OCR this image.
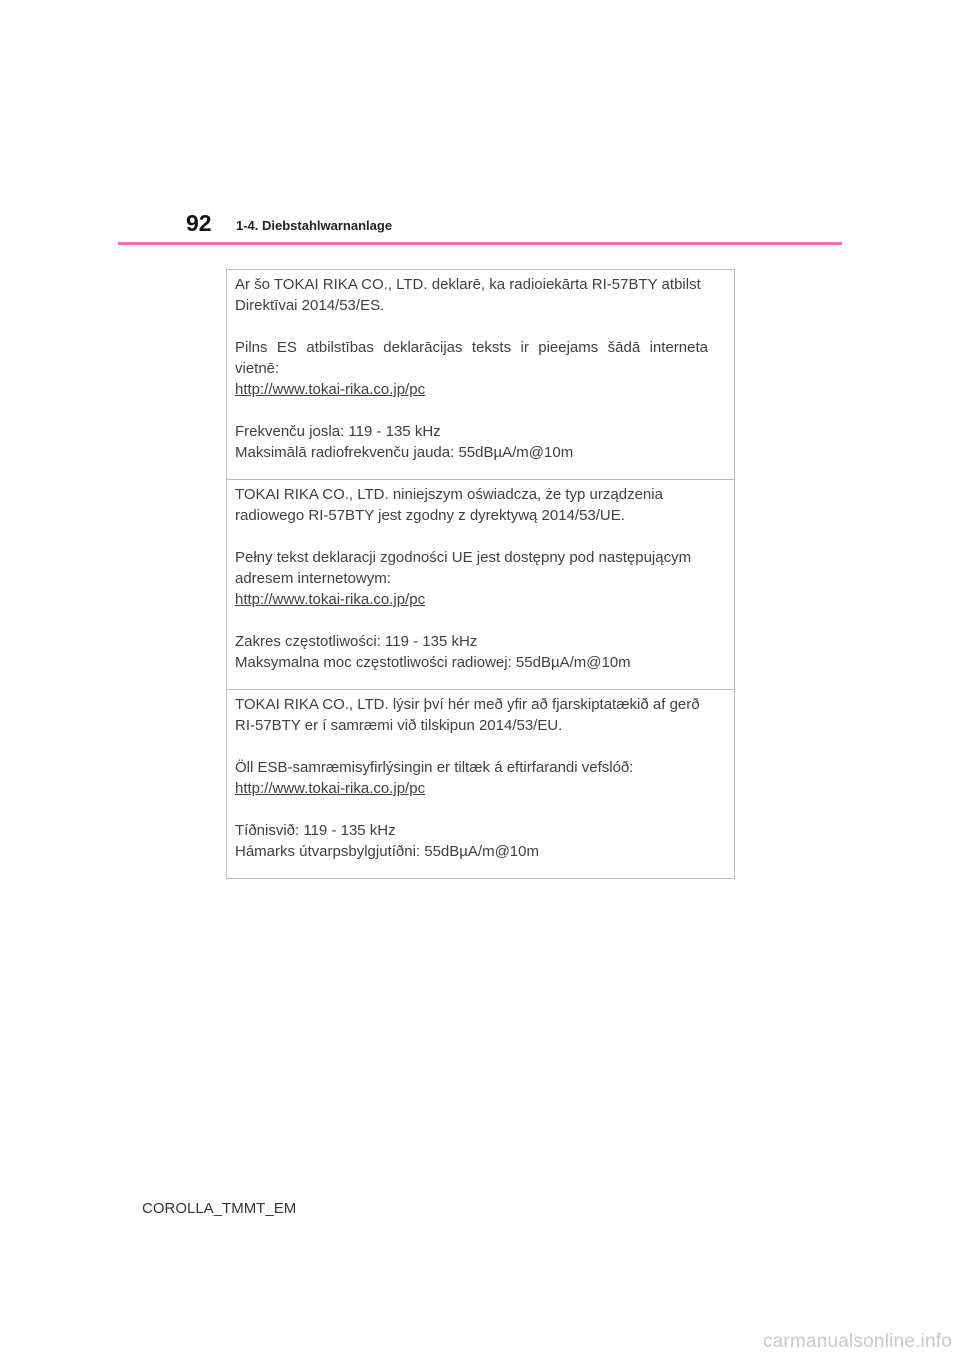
92 1-4. Diebstahlwarnanlage

Ar šo TOKAI RIKA CO., LTD. deklarē, ka radioiekārta RI-57BTY atbilst

Direktīvai 2014/53/ES.

Pilns ES atbilstības deklarācijas teksts ir pieejams šādā interneta

vietnē:

http://www.tokai-rika.co.jp/pc

Frekvenču josla: 119 - 135 kHz

Maksimālā radiofrekvenču jauda: 55dBµA/m@10m

TOKAI RIKA CO., LTD. niniejszym oświadcza, że typ urządzenia

radiowego RI-57BTY jest zgodny z dyrektywą 2014/53/UE.

Pełny tekst deklaracji zgodności UE jest dostępny pod następującym

adresem internetowym:

http://www.tokai-rika.co.jp/pc

Zakres częstotliwości: 119 - 135 kHz

Maksymalna moc częstotliwości radiowej: 55dBµA/m@10m

TOKAI RIKA CO., LTD. lýsir því hér með yfir að fjarskiptatækið af gerð

RI-57BTY er í samræmi við tilskipun 2014/53/EU.

Öll ESB-samræmisyfirlýsingin er tiltæk á eftirfarandi vefslóð:

http://www.tokai-rika.co.jp/pc

Tíðnisvið: 119 - 135 kHz

Hámarks útvarpsbylgjutíðni: 55dBµA/m@10m

COROLLA_TMMT_EM
carmanualsonline.info
